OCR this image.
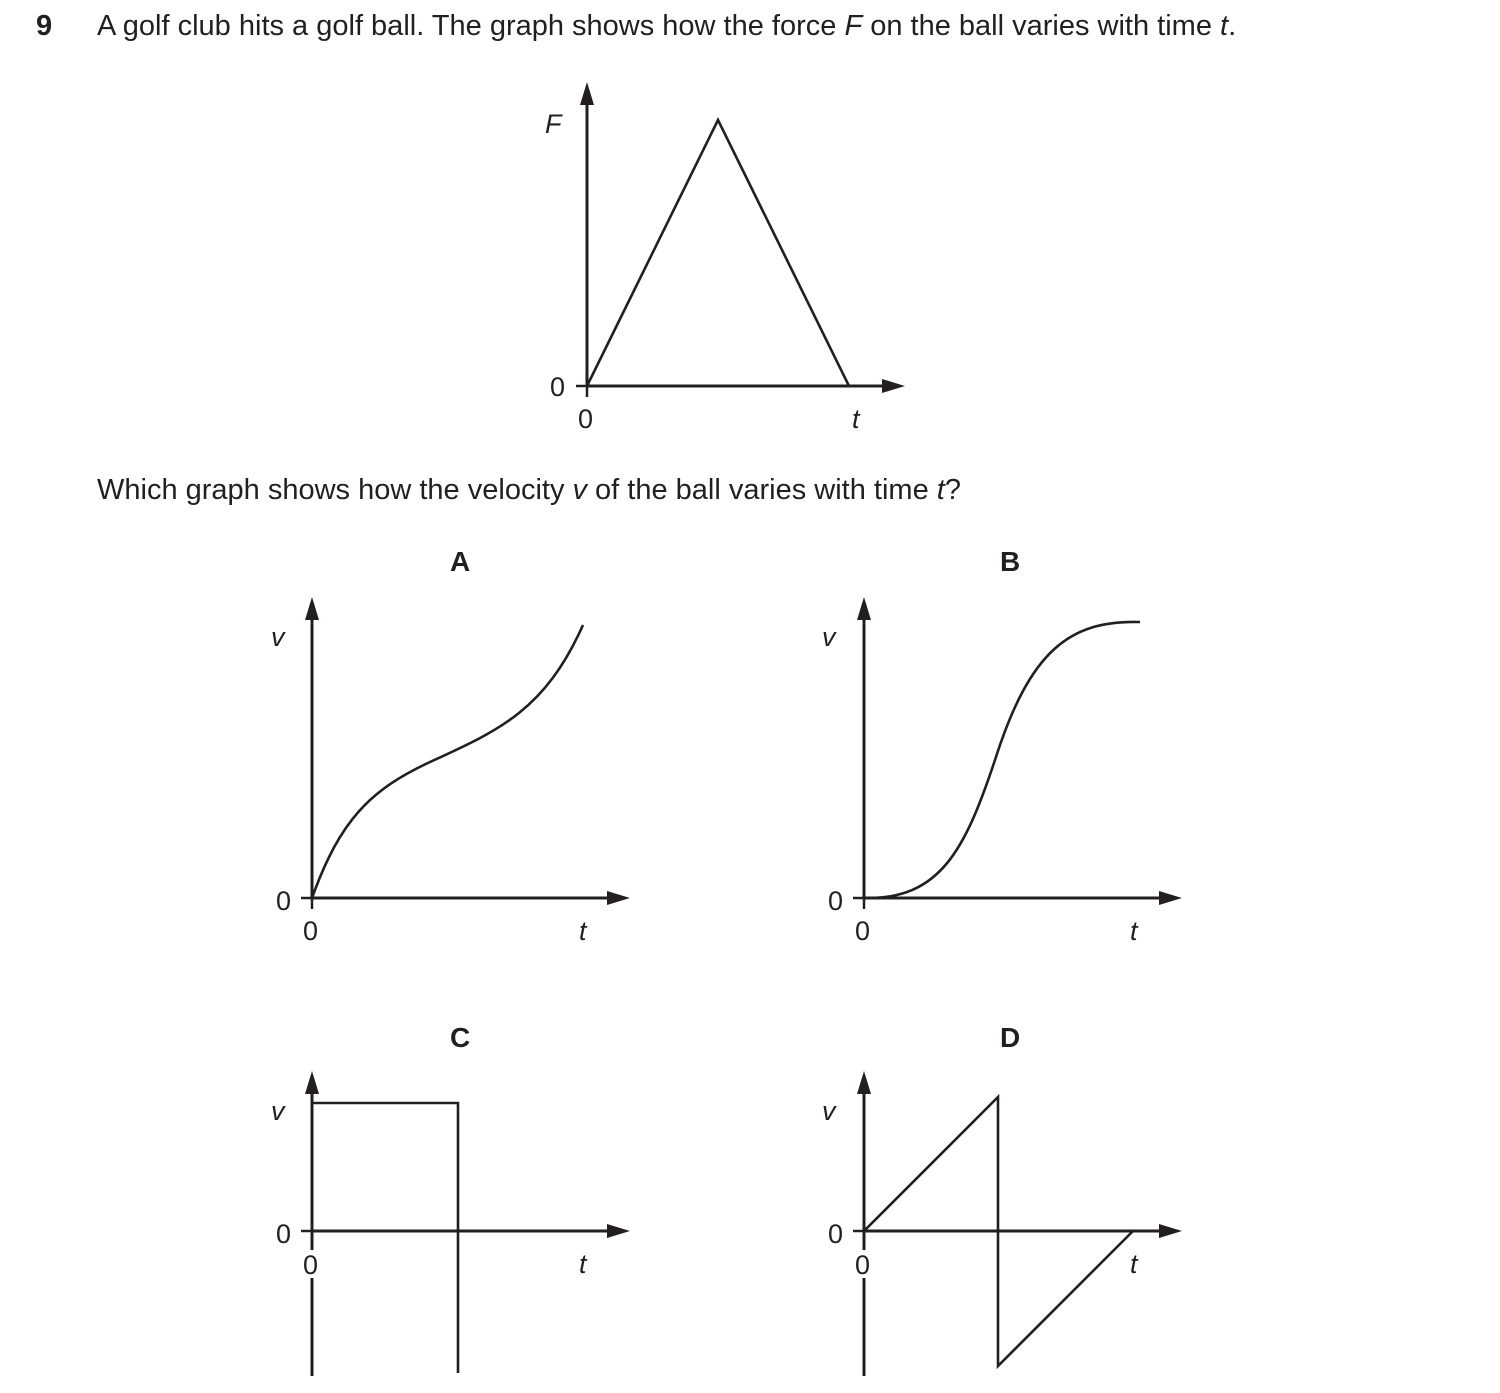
9 A golf club hits a golf ball. The graph shows how the force F on the ball varies with time t.
Which graph shows how the velocity v of the ball varies with time t?
F
t
0
0
A
v
t
0
0
B
v
t
0
0
C
v
t
0
0
D
v
t
0
0
